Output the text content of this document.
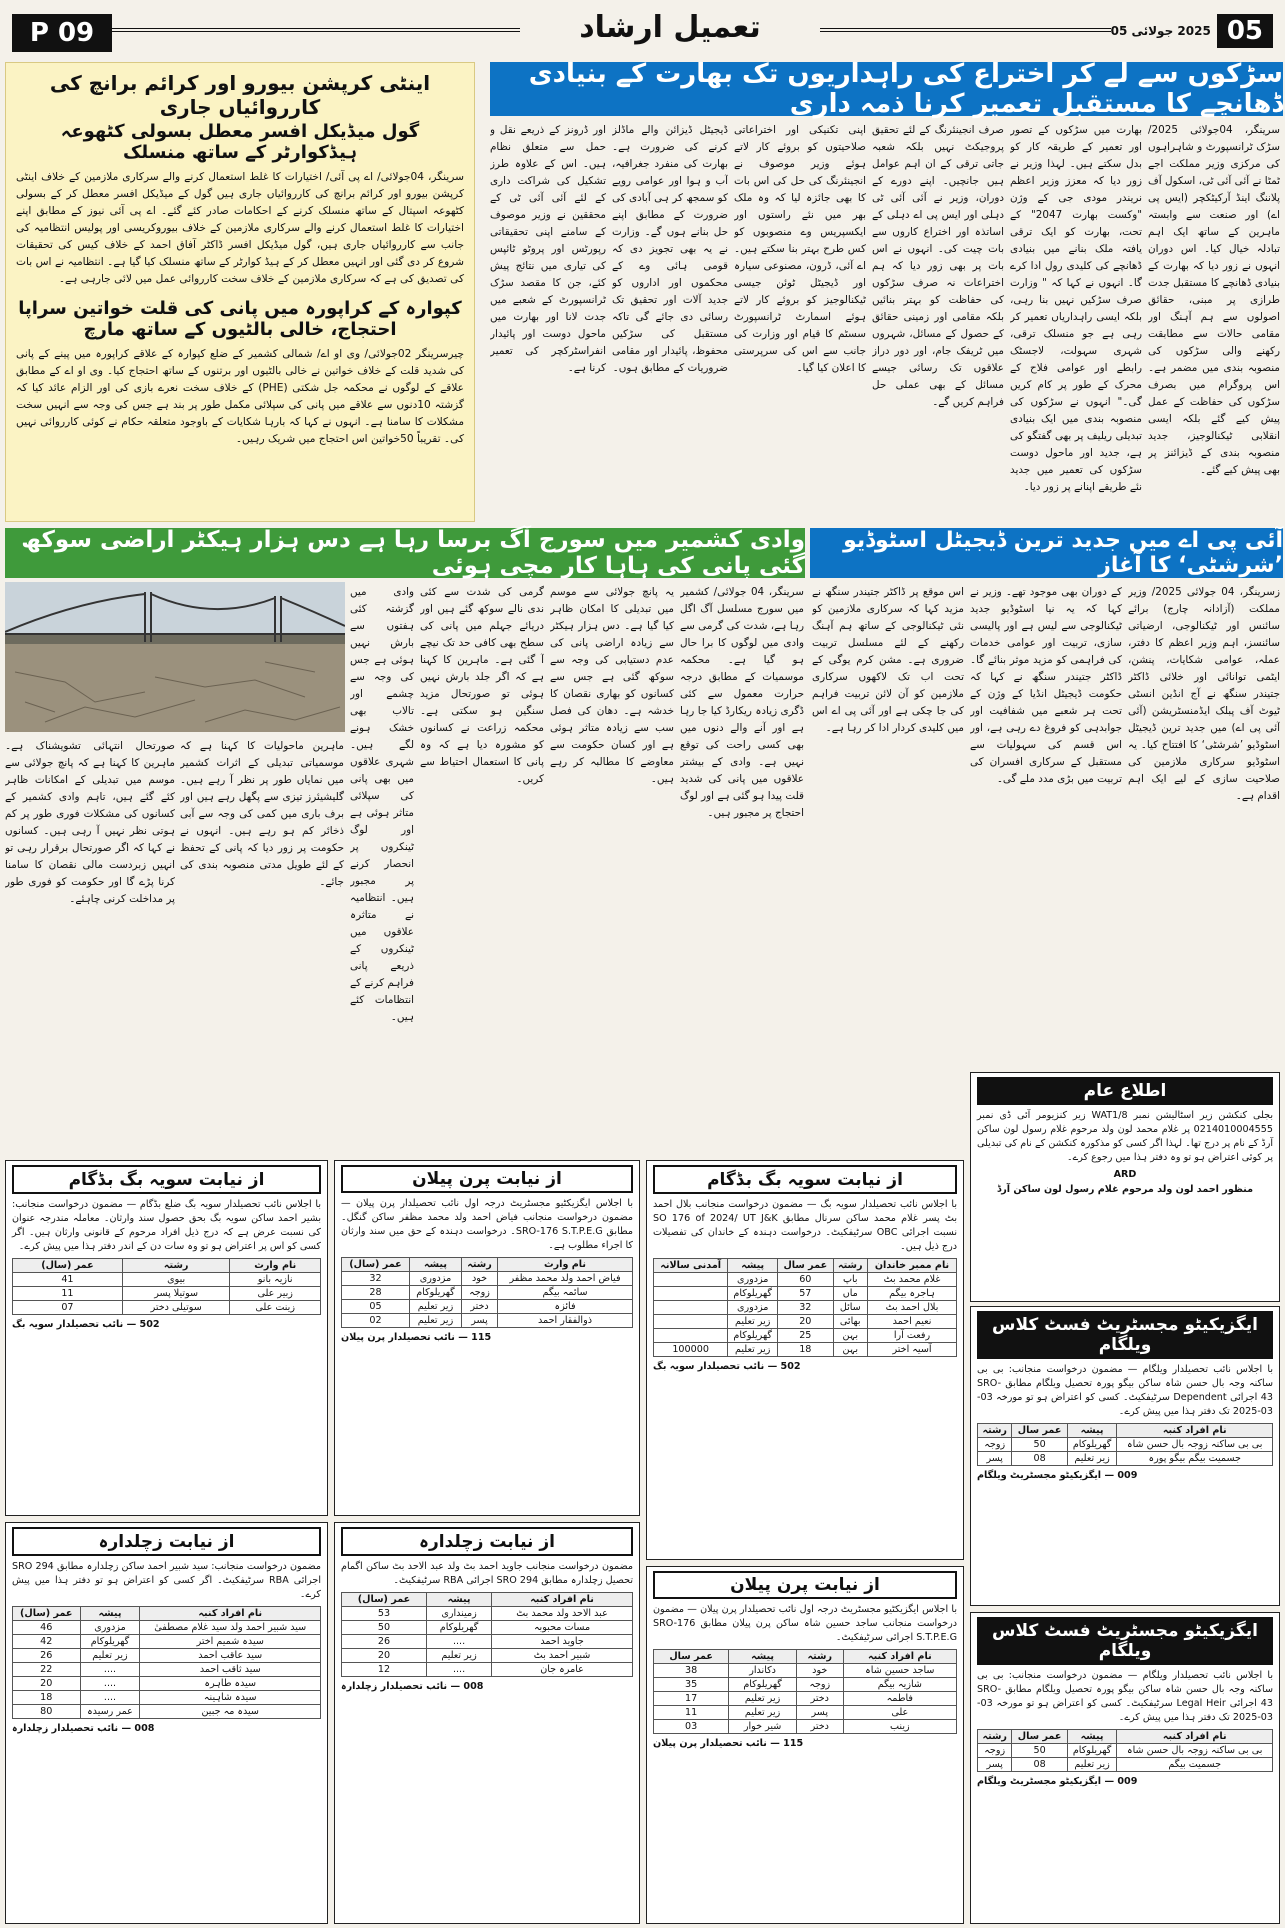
P 09	تعمیل ارشاد	05
2025 جولائی 05
سڑکوں سے لے کر اختراع کی راہداریوں تک بھارت کے بنیادی ڈھانچے کا مستقبل تعمیر کرنا ذمہ داری
اینٹی کرپشن بیورو اور کرائم برانچ کی کارروائیاں جاری
گول میڈیکل افسر معطل بسولی کٹھوعہ ہیڈکوارٹر کے ساتھ منسلک

سرینگر، 04جولائی/ اے پی آئی/ اختیارات کا غلط استعمال کرنے والے سرکاری ملازمین کے خلاف اینٹی کرپشن بیورو اور کرائم برانچ کی کارروائیاں جاری ہیں گول کے میڈیکل افسر معطل کر کے بسولی کٹھوعہ اسپتال کے ساتھ منسلک کرنے کے احکامات صادر کئے گئے۔ اے پی آئی نیوز کے مطابق اپنے اختیارات کا غلط استعمال کرنے والے سرکاری ملازمین کے خلاف بیوروکریسی اور پولیس انتظامیہ کی جانب سے کارروائیاں جاری ہیں، گول میڈیکل افسر ڈاکٹر آفاق احمد کے خلاف کیس کی تحقیقات شروع کر دی گئی اور انہیں معطل کر کے ہیڈ کوارٹر کے ساتھ منسلک کیا گیا ہے۔ انتظامیہ نے اس بات کی تصدیق کی ہے کہ سرکاری ملازمین کے خلاف سخت کارروائی عمل میں لائی جارہی ہے۔

کپوارہ کے کراپورہ میں پانی کی قلت خواتین سراپا احتجاج، خالی بالٹیوں کے ساتھ مارچ

چیرسرینگر 02جولائی/ وی او اے/ شمالی کشمیر کے ضلع کپوارہ کے علاقے کراپورہ میں پینے کے پانی کی شدید قلت کے خلاف خواتین نے خالی بالٹیوں اور برتنوں کے ساتھ احتجاج کیا۔ وی او اے کے مطابق علاقے کے لوگوں نے محکمہ جل شکتی (PHE) کے خلاف سخت نعرے بازی کی اور الزام عائد کیا کہ گزشتہ 10دنوں سے علاقے میں پانی کی سپلائی مکمل طور پر بند ہے جس کی وجہ سے انہیں سخت مشکلات کا سامنا ہے۔ انہوں نے کہا کہ بارہا شکایات کے باوجود متعلقہ حکام نے کوئی کارروائی نہیں کی۔ تقریباً 50خواتین اس احتجاج میں شریک رہیں۔

سرینگر، 04جولائی 2025/ سڑک ٹرانسپورٹ و شاہراہوں کی مرکزی وزیر مملکت اجے ٹمٹا نے آئی آئی ٹی، اسکول آف پلاننگ اینڈ آرکیٹکچر (ایس پی اے) اور صنعت سے وابستہ ماہرین کے ساتھ ایک اہم تبادلہ خیال کیا۔ اس دوران انہوں نے زور دیا کہ بھارت کے بنیادی ڈھانچے کا مستقبل جدت طرازی پر مبنی، حقائق اصولوں سے ہم آہنگ اور مقامی حالات سے مطابقت رکھنے والی سڑکوں کی منصوبہ بندی میں مضمر ہے۔ اس پروگرام میں بصرف سڑکوں کی حفاظت کے عمل پیش کیے گئے بلکہ ایسی انقلابی ٹیکنالوجیز، جدید منصوبہ بندی کے ڈیزائنز پر بھی پیش کیے گئے۔
بھارت میں سڑکوں کے تصور اور تعمیر کے طریقہ کار کو بدل سکتے ہیں۔ لہذا وزیر نے زور دیا کہ معزز وزیر اعظم نریندر مودی جی کے وژن "وکست بھارت 2047" کے تحت، بھارت کو ایک ترقی یافتہ ملک بنانے میں بنیادی ڈھانچے کی کلیدی رول ادا کرے گا۔ انہوں نے کہا کہ " وزارت صرف سڑکیں نہیں بنا رہی، بلکہ ایسی راہداریاں تعمیر کر رہی ہے جو منسلک ترقی، شہری سہولت، لاجسٹک رابطے اور عوامی فلاح کے محرک کے طور پر کام کریں گی۔" انہوں نے سڑکوں کی منصوبہ بندی میں ایک بنیادی تبدیلی ریلیف پر بھی گفتگو کی ہے، جدید اور ماحول دوست سڑکوں کی تعمیر میں جدید نئے طریقے اپنانے پر زور دیا۔
صرف انجینئرنگ کے لئے تحقیق پروجیکٹ نہیں بلکہ شعبہ جاتی ترقی کے ان اہم عوامل ہیں جانچیں۔ اپنے دورے کے دوران، وزیر نے آئی آئی ٹی دہلی اور ایس پی اے دہلی کے اساتذہ اور اختراع کاروں سے بات چیت کی۔ انہوں نے اس بات پر بھی زور دیا کہ ہم اختراعات نہ صرف سڑکوں کی حفاظت کو بہتر بنائیں بلکہ مقامی اور زمینی حقائق کے حصول کے مسائل، شہروں میں ٹریفک جام، اور دور دراز علاقوں تک رسائی جیسے مسائل کے بھی عملی حل فراہم کریں گے۔
اپنی تکنیکی اور اختراعاتی صلاحیتوں کو بروئے کار لاتے ہوئے وزیر موصوف نے انجینئرنگ کی حل کی اس بات کا بھی جائزہ لیا کہ وہ ملک بھر میں نئے راستوں اور ایکسپریس وے منصوبوں کو کس طرح بہتر بنا سکتے ہیں۔ اے آئی، ڈرون، مصنوعی سیارہ اور ڈیجیٹل ٹوئن جیسی ٹیکنالوجیز کو بروئے کار لاتے ہوئے اسمارٹ ٹرانسپورٹ سسٹم کا قیام اور وزارت کی جانب سے اس کی سرپرستی کا اعلان کیا گیا۔
ڈیجیٹل ڈیزائن والے ماڈلز کرنے کی ضرورت ہے۔ بھارت کی منفرد جغرافیہ، آب و ہوا اور عوامی رویے کو سمجھ کر ہی آبادی کی ضرورت کے مطابق اپنے حل بنانے ہوں گے۔ وزارت نے یہ بھی تجویز دی کہ قومی ہائی وے کے محکموں اور اداروں کو جدید آلات اور تحقیق تک رسائی دی جائے گی تاکہ مستقبل کی سڑکیں محفوظ، پائیدار اور مقامی ضروریات کے مطابق ہوں۔
اور ڈرونز کے ذریعے نقل و حمل سے متعلق نظام ہیں۔ اس کے علاوہ طرز تشکیل کی شراکت داری کے لئے آئی آئی ٹی کے محققین نے وزیر موصوف کے سامنے اپنی تحقیقاتی رپورٹس اور پروٹو ٹائپس کی تیاری میں نتائج پیش کئے، جن کا مقصد سڑک ٹرانسپورٹ کے شعبے میں جدت لانا اور بھارت میں ماحول دوست اور پائیدار انفراسٹرکچر کی تعمیر کرنا ہے۔
وادی کشمیر میں سورج آگ برسا رہا ہے دس ہزار ہیکٹر اراضی سوکھ گئی پانی کی ہاہا کار مچی ہوئی
آئی پی اے میں جدید ترین ڈیجیٹل اسٹوڈیو ’شرشٹی‘ کا آغاز
زسرینگر، 04 جولائی 2025/ وزیر مملکت (آزادانہ چارج) برائے سائنس اور ٹیکنالوجی، ارضیاتی سائنسز، اہم وزیر اعظم کا دفتر، عملہ، عوامی شکایات، پنشن، ایٹمی توانائی اور خلائی ڈاکٹر جتیندر سنگھ نے آج انڈین انسٹی ٹیوٹ آف پبلک ایڈمنسٹریشن (آئی آئی پی اے) میں جدید ترین ڈیجیٹل اسٹوڈیو ’شرشٹی‘ کا افتتاح کیا۔ یہ اسٹوڈیو سرکاری ملازمین کی صلاحیت سازی کے لیے ایک اہم اقدام ہے۔
کے دوران بھی موجود تھے۔ وزیر نے کہا کہ یہ نیا اسٹوڈیو جدید ٹیکنالوجی سے لیس ہے اور پالیسی سازی، تربیت اور عوامی خدمات کی فراہمی کو مزید موثر بنائے گا۔ ڈاکٹر جتیندر سنگھ نے کہا کہ حکومت ڈیجیٹل انڈیا کے وژن کے تحت ہر شعبے میں شفافیت اور جوابدہی کو فروغ دے رہی ہے، اور اس قسم کی سہولیات سے مستقبل کے سرکاری افسران کی تربیت میں بڑی مدد ملے گی۔
اس موقع پر ڈاکٹر جتیندر سنگھ نے مزید کہا کہ سرکاری ملازمین کو نئی ٹیکنالوجی کے ساتھ ہم آہنگ رکھنے کے لئے مسلسل تربیت ضروری ہے۔ مشن کرم یوگی کے تحت اب تک لاکھوں سرکاری ملازمین کو آن لائن تربیت فراہم کی جا چکی ہے اور آئی پی اے اس میں کلیدی کردار ادا کر رہا ہے۔
سرینگر، 04 جولائی/ کشمیر میں سورج مسلسل آگ اگل رہا ہے، شدت کی گرمی سے وادی میں لوگوں کا برا حال ہو گیا ہے۔ محکمہ موسمیات کے مطابق درجہ حرارت معمول سے کئی ڈگری زیادہ ریکارڈ کیا جا رہا ہے اور آنے والے دنوں میں بھی کسی راحت کی توقع نہیں ہے۔ وادی کے بیشتر علاقوں میں پانی کی شدید قلت پیدا ہو گئی ہے اور لوگ احتجاج پر مجبور ہیں۔
یہ پانچ جولائی سے موسم میں تبدیلی کا امکان ظاہر کیا گیا ہے۔ دس ہزار ہیکٹر سے زیادہ اراضی پانی کی عدم دستیابی کی وجہ سے سوکھ گئی ہے جس سے کسانوں کو بھاری نقصان کا خدشہ ہے۔ دھان کی فصل سب سے زیادہ متاثر ہوئی ہے اور کسان حکومت سے معاوضے کا مطالبہ کر رہے ہیں۔
گرمی کی شدت سے کئی ندی نالے سوکھ گئے ہیں اور دریائے جہلم میں پانی کی سطح بھی کافی حد تک نیچے آ گئی ہے۔ ماہرین کا کہنا ہے کہ اگر جلد بارش نہیں ہوئی تو صورتحال مزید سنگین ہو سکتی ہے۔ محکمہ زراعت نے کسانوں کو مشورہ دیا ہے کہ وہ پانی کا استعمال احتیاط سے کریں۔
وادی میں گزشتہ کئی ہفتوں سے بارش نہیں ہوئی ہے جس کی وجہ سے چشمے اور تالاب بھی خشک ہونے لگے ہیں۔ شہری علاقوں میں بھی پانی کی سپلائی متاثر ہوئی ہے اور لوگ ٹینکروں پر انحصار کرنے پر مجبور ہیں۔ انتظامیہ نے متاثرہ علاقوں میں ٹینکروں کے ذریعے پانی فراہم کرنے کے انتظامات کئے ہیں۔
ماہرین ماحولیات کا کہنا ہے کہ موسمیاتی تبدیلی کے اثرات کشمیر میں نمایاں طور پر نظر آ رہے ہیں۔ گلیشیئرز تیزی سے پگھل رہے ہیں اور برف باری میں کمی کی وجہ سے آبی ذخائر کم ہو رہے ہیں۔ انہوں نے حکومت پر زور دیا کہ پانی کے تحفظ کے لئے طویل مدتی منصوبہ بندی کی جائے۔
صورتحال انتہائی تشویشناک ہے۔ ماہرین کا کہنا ہے کہ پانچ جولائی سے موسم میں تبدیلی کے امکانات ظاہر کئے گئے ہیں، تاہم وادی کشمیر کے کسانوں کی مشکلات فوری طور پر کم ہوتی نظر نہیں آ رہی ہیں۔ کسانوں نے کہا کہ اگر صورتحال برقرار رہی تو انہیں زبردست مالی نقصان کا سامنا کرنا پڑے گا اور حکومت کو فوری طور پر مداخلت کرنی چاہئے۔
اطلاع عام
بجلی کنکشن زیر اسٹالیشن نمبر WAT1/8 زیر کنزیومر آئی ڈی نمبر 0214010004555 پر غلام محمد لون ولد مرحوم غلام رسول لون ساکن آرڈ کے نام پر درج تھا۔ لہذا اگر کسی کو مذکورہ کنکشن کے نام کی تبدیلی پر کوئی اعتراض ہو تو وہ دفتر ہذا میں رجوع کرے۔
ARD
منظور احمد لون ولد مرحوم غلام رسول لون ساکن آرڈ
ایگزیکیٹو مجسٹریٹ فسٹ کلاس ویلگام
با اجلاس نائب تحصیلدار ویلگام — مضمون درخواست منجانب: بی بی ساکنہ وجہ بال حسن شاہ ساکن بیگو پورہ تحصیل ویلگام مطابق SRO-43 اجرائی Dependent سرٹیفکیٹ۔ کسی کو اعتراض ہو تو مورخہ 03-03-2025 تک دفتر ہذا میں پیش کرے۔
نام افراد کنبہ	پیشہ	عمر سال	رشتہ
بی بی ساکنہ زوجہ بال حسن شاہ	گھریلوکام	50	زوجہ
جسمیت بیگم بیگو پورہ	زیر تعلیم	08	پسر
009 — ایگزیکیٹو مجسٹریٹ ویلگام
ایگزیکیٹو مجسٹریٹ فسٹ کلاس ویلگام
با اجلاس نائب تحصیلدار ویلگام — مضمون درخواست منجانب: بی بی ساکنہ وجہ بال حسن شاہ ساکن بیگو پورہ تحصیل ویلگام مطابق SRO-43 اجرائی Legal Heir سرٹیفکیٹ۔ کسی کو اعتراض ہو تو مورخہ 03-03-2025 تک دفتر ہذا میں پیش کرے۔
نام افراد کنبہ	پیشہ	عمر سال	رشتہ
بی بی ساکنہ زوجہ بال حسن شاہ	گھریلوکام	50	زوجہ
جسمیت بیگم	زیر تعلیم	08	پسر
009 — ایگزیکیٹو مجسٹریٹ ویلگام
از نیابت سویہ بگ بڈگام
با اجلاس نائب تحصیلدار سویہ بگ — مضمون درخواست منجانب بلال احمد بٹ پسر غلام محمد ساکن سرنال مطابق SO 176 of 2024/ UT J&K نسبت اجرائی OBC سرٹیفکیٹ۔ درخواست دہندہ کے خاندان کی تفصیلات درج ذیل ہیں۔
نام ممبر خاندان	رشتہ	عمر سال	پیشہ	آمدنی سالانہ
غلام محمد بٹ	باپ	60	مزدوری	
ہاجرہ بیگم	ماں	57	گھریلوکام	
بلال احمد بٹ	سائل	32	مزدوری	
نعیم احمد	بھائی	20	زیر تعلیم	
رفعت آرا	بہن	25	گھریلوکام	
آسیہ اختر	بہن	18	زیر تعلیم	100000
502 — نائب تحصیلدار سویہ بگ
از نیابت پرن پیلان
با اجلاس ایگزیکٹیو مجسٹریٹ درجہ اول نائب تحصیلدار پرن پیلان — مضمون درخواست منجانب ساجد حسین شاہ ساکن پرن پیلان مطابق SRO-176 S.T.P.E.G اجرائی سرٹیفکیٹ۔
نام افراد کنبہ	رشتہ	پیشہ	عمر سال
ساجد حسین شاہ	خود	دکاندار	38
شازیہ بیگم	زوجہ	گھریلوکام	35
فاطمہ	دختر	زیر تعلیم	17
علی	پسر	زیر تعلیم	11
زینب	دختر	شیر خوار	03
115 — نائب تحصیلدار پرن پیلان
از نیابت پرن پیلان
با اجلاس ایگزیکٹیو مجسٹریٹ درجہ اول نائب تحصیلدار پرن پیلان — مضمون درخواست منجانب فیاض احمد ولد محمد مظفر ساکن گنگل۔ مطابق SRO-176 S.T.P.E.G۔ درخواست دہندہ کے حق میں سند وارثان کا اجراء مطلوب ہے۔
نام وارث	رشتہ	پیشہ	عمر (سال)
فیاض احمد ولد محمد مظفر	خود	مزدوری	32
سائمہ بیگم	زوجہ	گھریلوکام	28
فائزہ	دختر	زیر تعلیم	05
ذوالفقار احمد	پسر	زیر تعلیم	02
115 — نائب تحصیلدار پرن پیلان
از نیابت زچلدارہ
مضمون درخواست منجانب جاوید احمد بٹ ولد عبد الاحد بٹ ساکن اگمام تحصیل زچلدارہ مطابق SRO 294 اجرائی RBA سرٹیفکیٹ۔
نام افراد کنبہ	پیشہ	عمر (سال)
عبد الاحد ولد محمد بٹ	زمینداری	53
مسات محبوبہ	گھریلوکام	50
جاوید احمد	....	26
شبیر احمد بٹ	زیر تعلیم	20
عامرہ جان	....	12
008 — نائب تحصیلدار زچلدارہ
از نیابت سویہ بگ بڈگام
با اجلاس نائب تحصیلدار سویہ بگ ضلع بڈگام — مضمون درخواست منجانب: بشیر احمد ساکن سویہ بگ بحق حصول سند وارثان۔ معاملہ مندرجہ عنوان کی نسبت عرض ہے کہ درج ذیل افراد مرحوم کے قانونی وارثان ہیں۔ اگر کسی کو اس پر اعتراض ہو تو وہ سات دن کے اندر دفتر ہذا میں پیش کرے۔
نام وارث	رشتہ	عمر (سال)
نازیہ بانو	بیوی	41
زبیر علی	سوتیلا پسر	11
زینت علی	سوتیلی دختر	07
502 — نائب تحصیلدار سویہ بگ
از نیابت زچلدارہ
مضمون درخواست منجانب: سید شبیر احمد ساکن زچلدارہ مطابق SRO 294 اجرائی RBA سرٹیفکیٹ۔ اگر کسی کو اعتراض ہو تو دفتر ہذا میں پیش کرے۔
نام افراد کنبہ	پیشہ	عمر (سال)
سید شبیر احمد ولد سید غلام مصطفیٰ	مزدوری	46
سیدہ شمیم اختر	گھریلوکام	42
سید عاقب احمد	زیر تعلیم	26
سید ثاقب احمد	....	22
سیدہ طاہرہ	....	20
سیدہ شاہینہ	....	18
سیدہ مہ جبین	عمر رسیدہ	80
008 — نائب تحصیلدار زچلدارہ
